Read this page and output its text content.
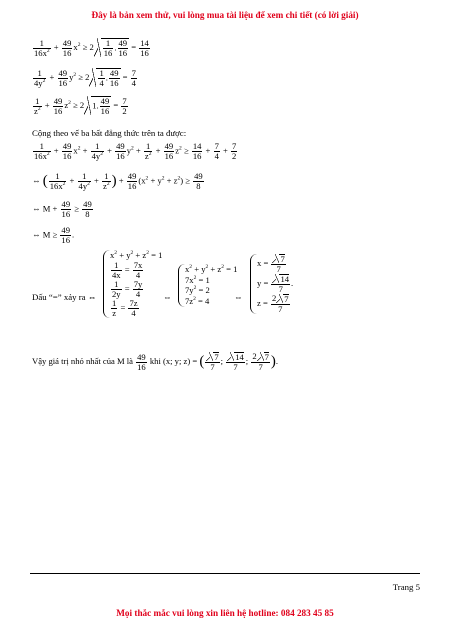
Đây là bản xem thử, vui lòng mua tài liệu để xem chi tiết (có lời giải)
$\frac{1}{16x^2} + \frac{49}{16} x^2 \ge 2 \frac{1}{16}$ . $\frac{49}{16} = \frac{14}{16}$
$\frac{1}{4y^2} + \frac{49}{16} y^2 \ge 2 \frac{1}{4}$ . $\frac{49}{16} = \frac{7}{4}$
$\frac{1}{z^2} + \frac{49}{16} z^2 \ge 2$ 1. $\frac{49}{16} = \frac{7}{2}$
Cộng theo vế ba bất đẳng thức trên ta được:
$\frac{1}{16x^2} + \frac{49}{16} x^2 + \frac{1}{4y^2} + \frac{49}{16} y^2 + \frac{1}{z^2} + \frac{49}{16} z^2 \ge \frac{14}{16} + \frac{7}{4} + \frac{7}{2}$
⇔ ( $\frac{1}{16x^2} + \frac{1}{4y^2} + \frac{1}{z^2}$ ) + $\frac{49}{16} (x^2 + y^2 + z^2) \ge \frac{49}{8}$
⇔ $M + \frac{49}{16} \ge \frac{49}{8}$
⇔ $M \ge \frac{49}{16}$ .
Dấu “=” xảy ra ⇔
$x^2 + y^2 + z^2 = 1$
$\frac{1}{4x} = \frac{7x}{4}$
$\frac{1}{2y} = \frac{7y}{4}$
$\frac{1}{z} = \frac{7z}{4}$
⇔
$x^2 + y^2 + z^2 = 1$
$7x^2 = 1$
$7y^2 = 2$
$7z^2 = 4$	⇔
$x = \frac{7}{7}$
$y = \frac{14}{7}$ .
$z = \frac{2 7}{7}$
Vậy giá trị nhỏ nhất của M là $\frac{49}{16}$ khi (x; y; z) = ( $\frac{7}{7}$ ; $\frac{14}{7}$ ; $\frac{2 7}{7}$ ).
Trang 5
Mọi thắc mắc vui lòng xin liên hệ hotline: 084 283 45 85
